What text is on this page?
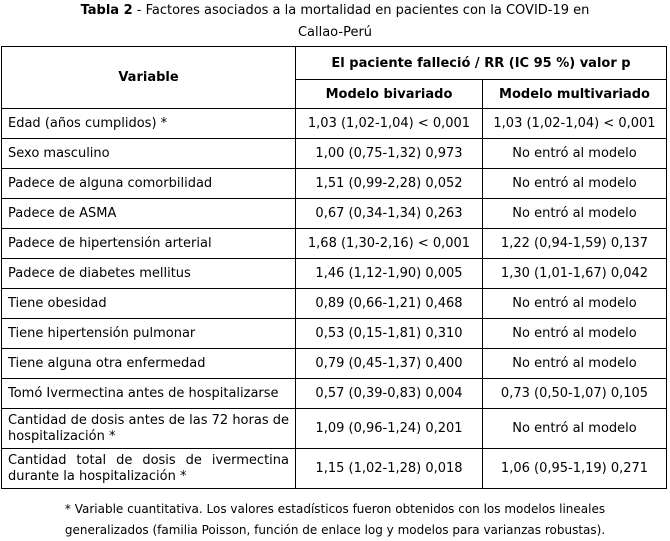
Tabla 2 - Factores asociados a la mortalidad en pacientes con la COVID-19 en
Callao-Perú
Variable	El paciente falleció / RR (IC 95 %) valor p	
	Modelo bivariado	Modelo multivariado
Edad (años cumplidos) *	1,03 (1,02-1,04) < 0,001	1,03 (1,02-1,04) < 0,001
Sexo masculino	1,00 (0,75-1,32) 0,973	No entró al modelo
Padece de alguna comorbilidad	1,51 (0,99-2,28) 0,052	No entró al modelo
Padece de ASMA	0,67 (0,34-1,34) 0,263	No entró al modelo
Padece de hipertensión arterial	1,68 (1,30-2,16) < 0,001	1,22 (0,94-1,59) 0,137
Padece de diabetes mellitus	1,46 (1,12-1,90) 0,005	1,30 (1,01-1,67) 0,042
Tiene obesidad	0,89 (0,66-1,21) 0,468	No entró al modelo
Tiene hipertensión pulmonar	0,53 (0,15-1,81) 0,310	No entró al modelo
Tiene alguna otra enfermedad	0,79 (0,45-1,37) 0,400	No entró al modelo
Tomó Ivermectina antes de hospitalizarse	0,57 (0,39-0,83) 0,004	0,73 (0,50-1,07) 0,105
Cantidad de dosis antes de las 72 horas de hospitalización *	1,09 (0,96-1,24) 0,201	No entró al modelo
Cantidad total de dosis de ivermectina durante la hospitalización *	1,15 (1,02-1,28) 0,018	1,06 (0,95-1,19) 0,271
* Variable cuantitativa. Los valores estadísticos fueron obtenidos con los modelos lineales
generalizados (familia Poisson, función de enlace log y modelos para varianzas robustas).
